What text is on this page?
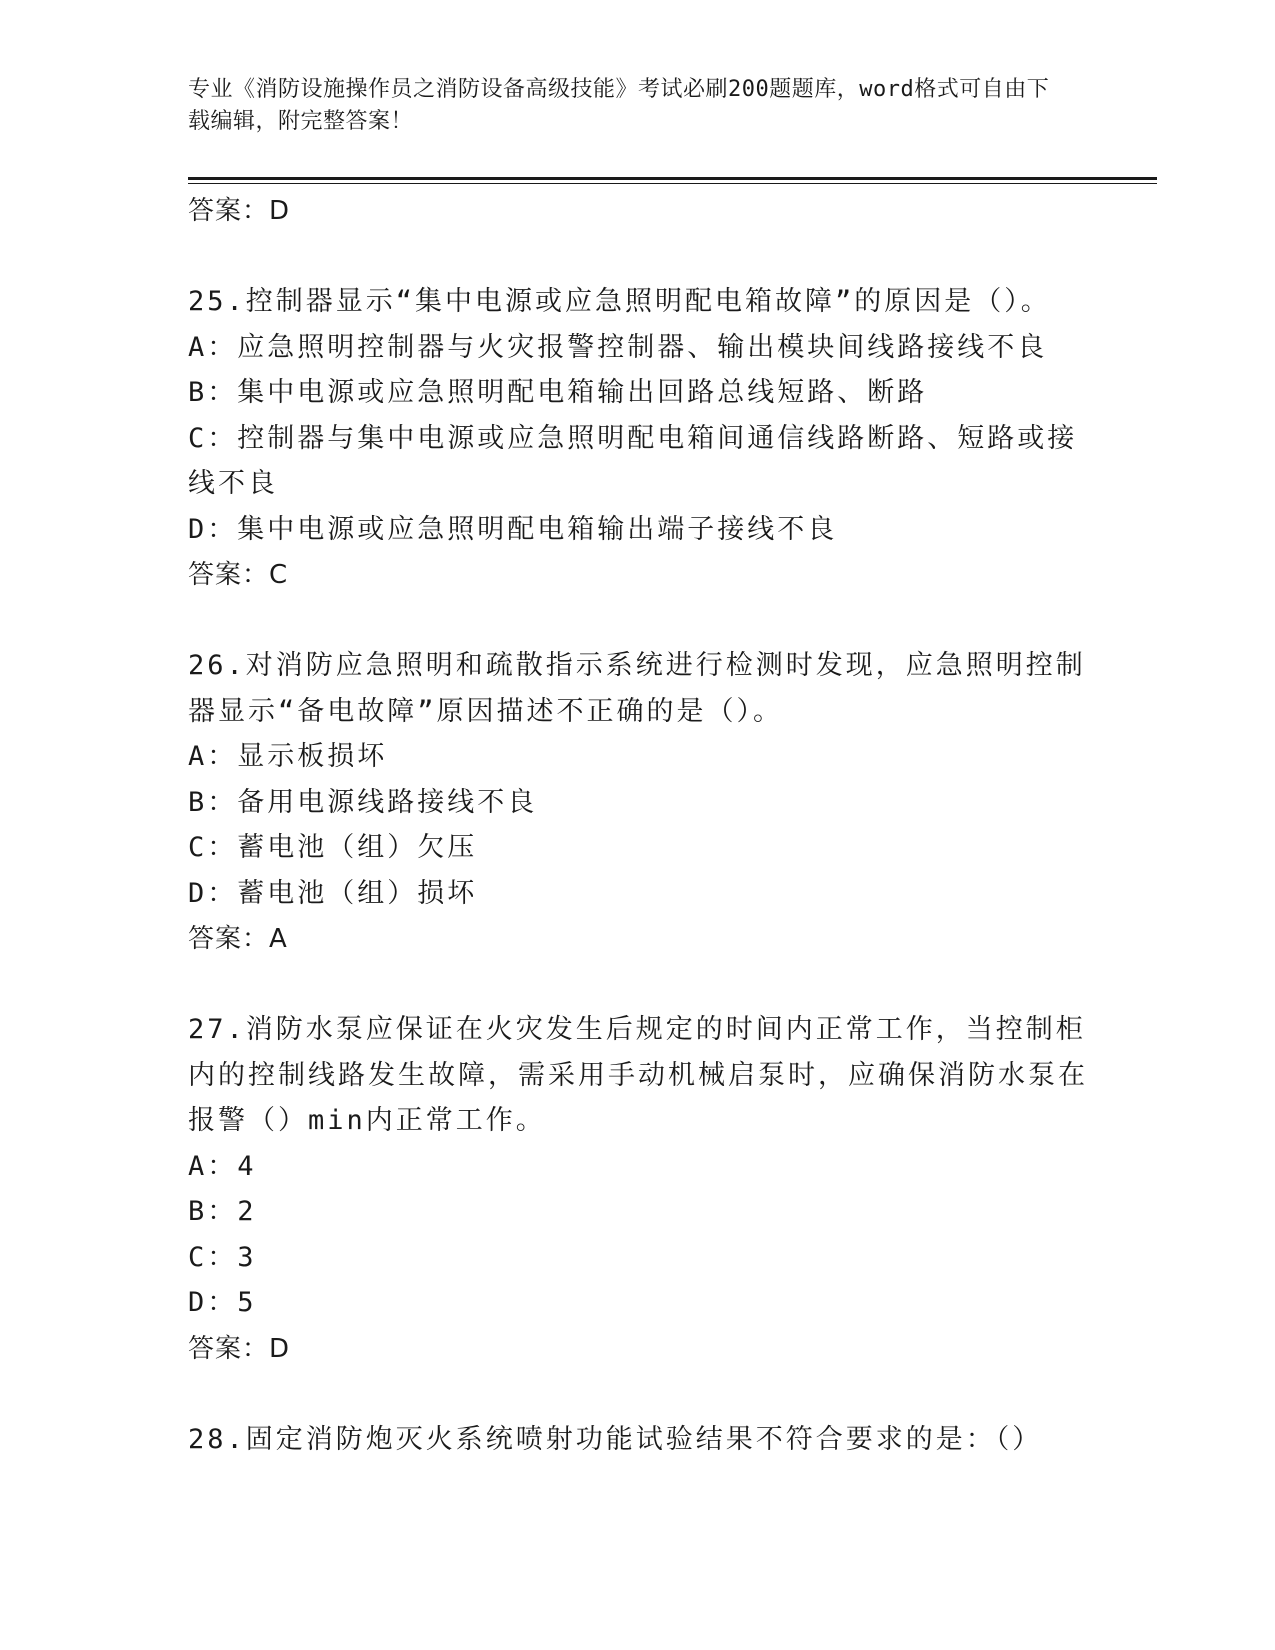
专业《消防设施操作员之消防设备高级技能》考试必刷200题题库，word格式可自由下载编辑，附完整答案！
答案：D
25.控制器显示“集中电源或应急照明配电箱故障”的原因是（）。
A：应急照明控制器与火灾报警控制器、输出模块间线路接线不良
B：集中电源或应急照明配电箱输出回路总线短路、断路
C：控制器与集中电源或应急照明配电箱间通信线路断路、短路或接线不良
D：集中电源或应急照明配电箱输出端子接线不良
答案：C
26.对消防应急照明和疏散指示系统进行检测时发现，应急照明控制器显示“备电故障”原因描述不正确的是（）。
A：显示板损坏
B：备用电源线路接线不良
C：蓄电池（组）欠压
D：蓄电池（组）损坏
答案：A
27.消防水泵应保证在火灾发生后规定的时间内正常工作，当控制柜内的控制线路发生故障，需采用手动机械启泵时，应确保消防水泵在报警（）min内正常工作。
A：4
B：2
C：3
D：5
答案：D
28.固定消防炮灭火系统喷射功能试验结果不符合要求的是：（）
